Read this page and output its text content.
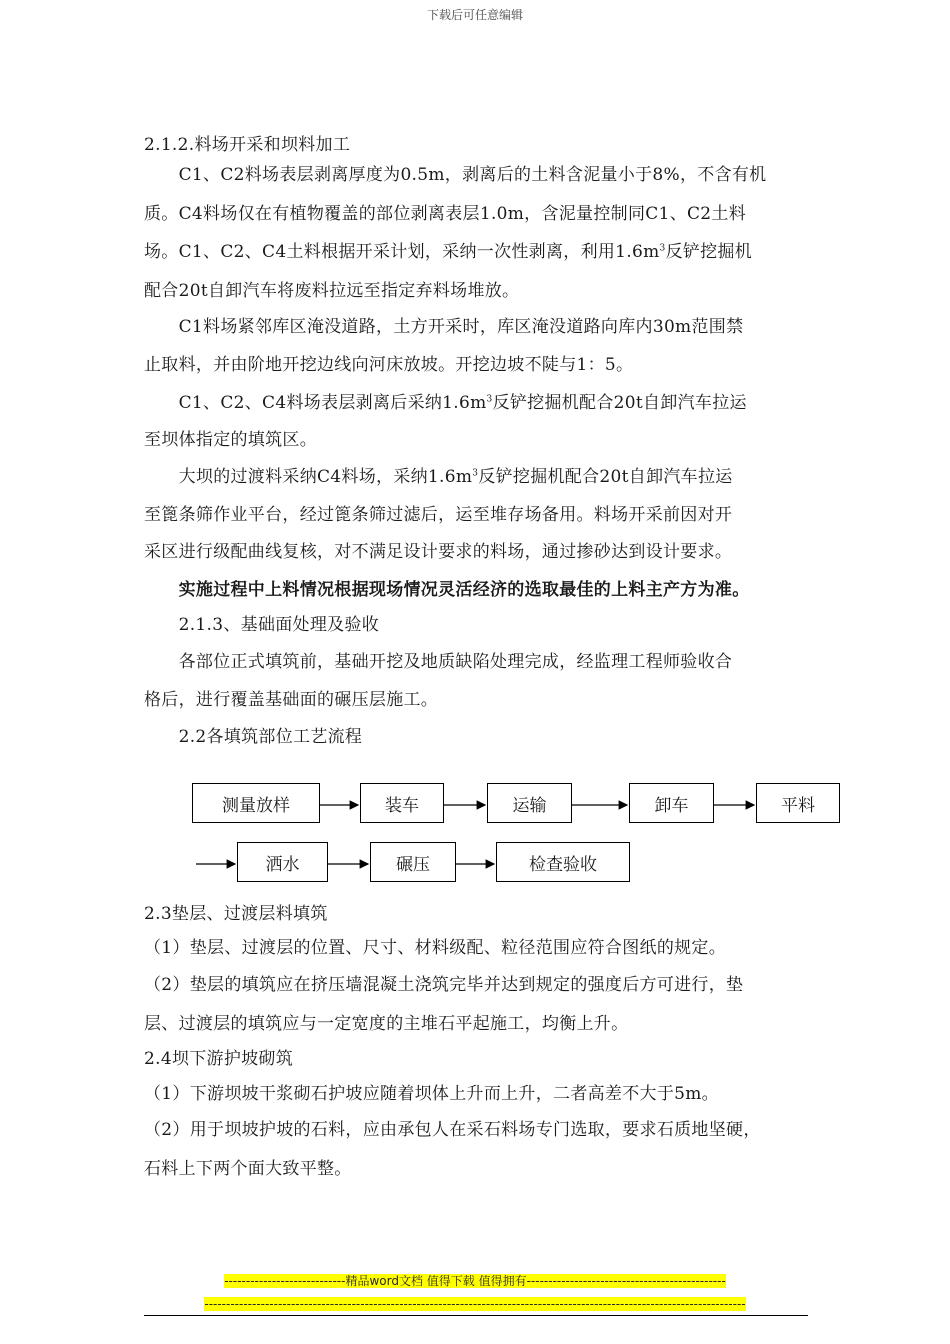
下载后可任意编辑
2.1.2.料场开采和坝料加工
　　C1、C2料场表层剥离厚度为0.5m，剥离后的土料含泥量小于8%，不含有机
质。C4料场仅在有植物覆盖的部位剥离表层1.0m，含泥量控制同C1、C2土料
场。C1、C2、C4土料根据开采计划，采纳一次性剥离，利用$1.6m^3$反铲挖掘机
配合20t自卸汽车将废料拉远至指定弃料场堆放。
　　C1料场紧邻库区淹没道路，土方开采时，库区淹没道路向库内30m范围禁
止取料，并由阶地开挖边线向河床放坡。开挖边坡不陡与1：5。
　　C1、C2、C4料场表层剥离后采纳$1.6m^3$反铲挖掘机配合20t自卸汽车拉运
至坝体指定的填筑区。
　　大坝的过渡料采纳C4料场，采纳$1.6m^3$反铲挖掘机配合20t自卸汽车拉运
至篦条筛作业平台，经过篦条筛过滤后，运至堆存场备用。料场开采前因对开
采区进行级配曲线复核，对不满足设计要求的料场，通过掺砂达到设计要求。
　　实施过程中上料情况根据现场情况灵活经济的选取最佳的上料主产方为准。
　　2.1.3、基础面处理及验收
　　各部位正式填筑前，基础开挖及地质缺陷处理完成，经监理工程师验收合
格后，进行覆盖基础面的碾压层施工。
　　2.2各填筑部位工艺流程
测量放样	装车	运输	卸车	平料
洒水	碾压	检查验收
2.3垫层、过渡层料填筑
（1）垫层、过渡层的位置、尺寸、材料级配、粒径范围应符合图纸的规定。
（2）垫层的填筑应在挤压墙混凝土浇筑完毕并达到规定的强度后方可进行，垫
层、过渡层的填筑应与一定宽度的主堆石平起施工，均衡上升。
2.4坝下游护坡砌筑
（1）下游坝坡干浆砌石护坡应随着坝体上升而上升，二者高差不大于5m。
（2）用于坝坡护坡的石料，应由承包人在采石料场专门选取，要求石质地坚硬，
石料上下两个面大致平整。
----------------------------精品word文档 值得下载 值得拥有----------------------------------------------
-----------------------------------------------------------------------------------------------------------------------------
